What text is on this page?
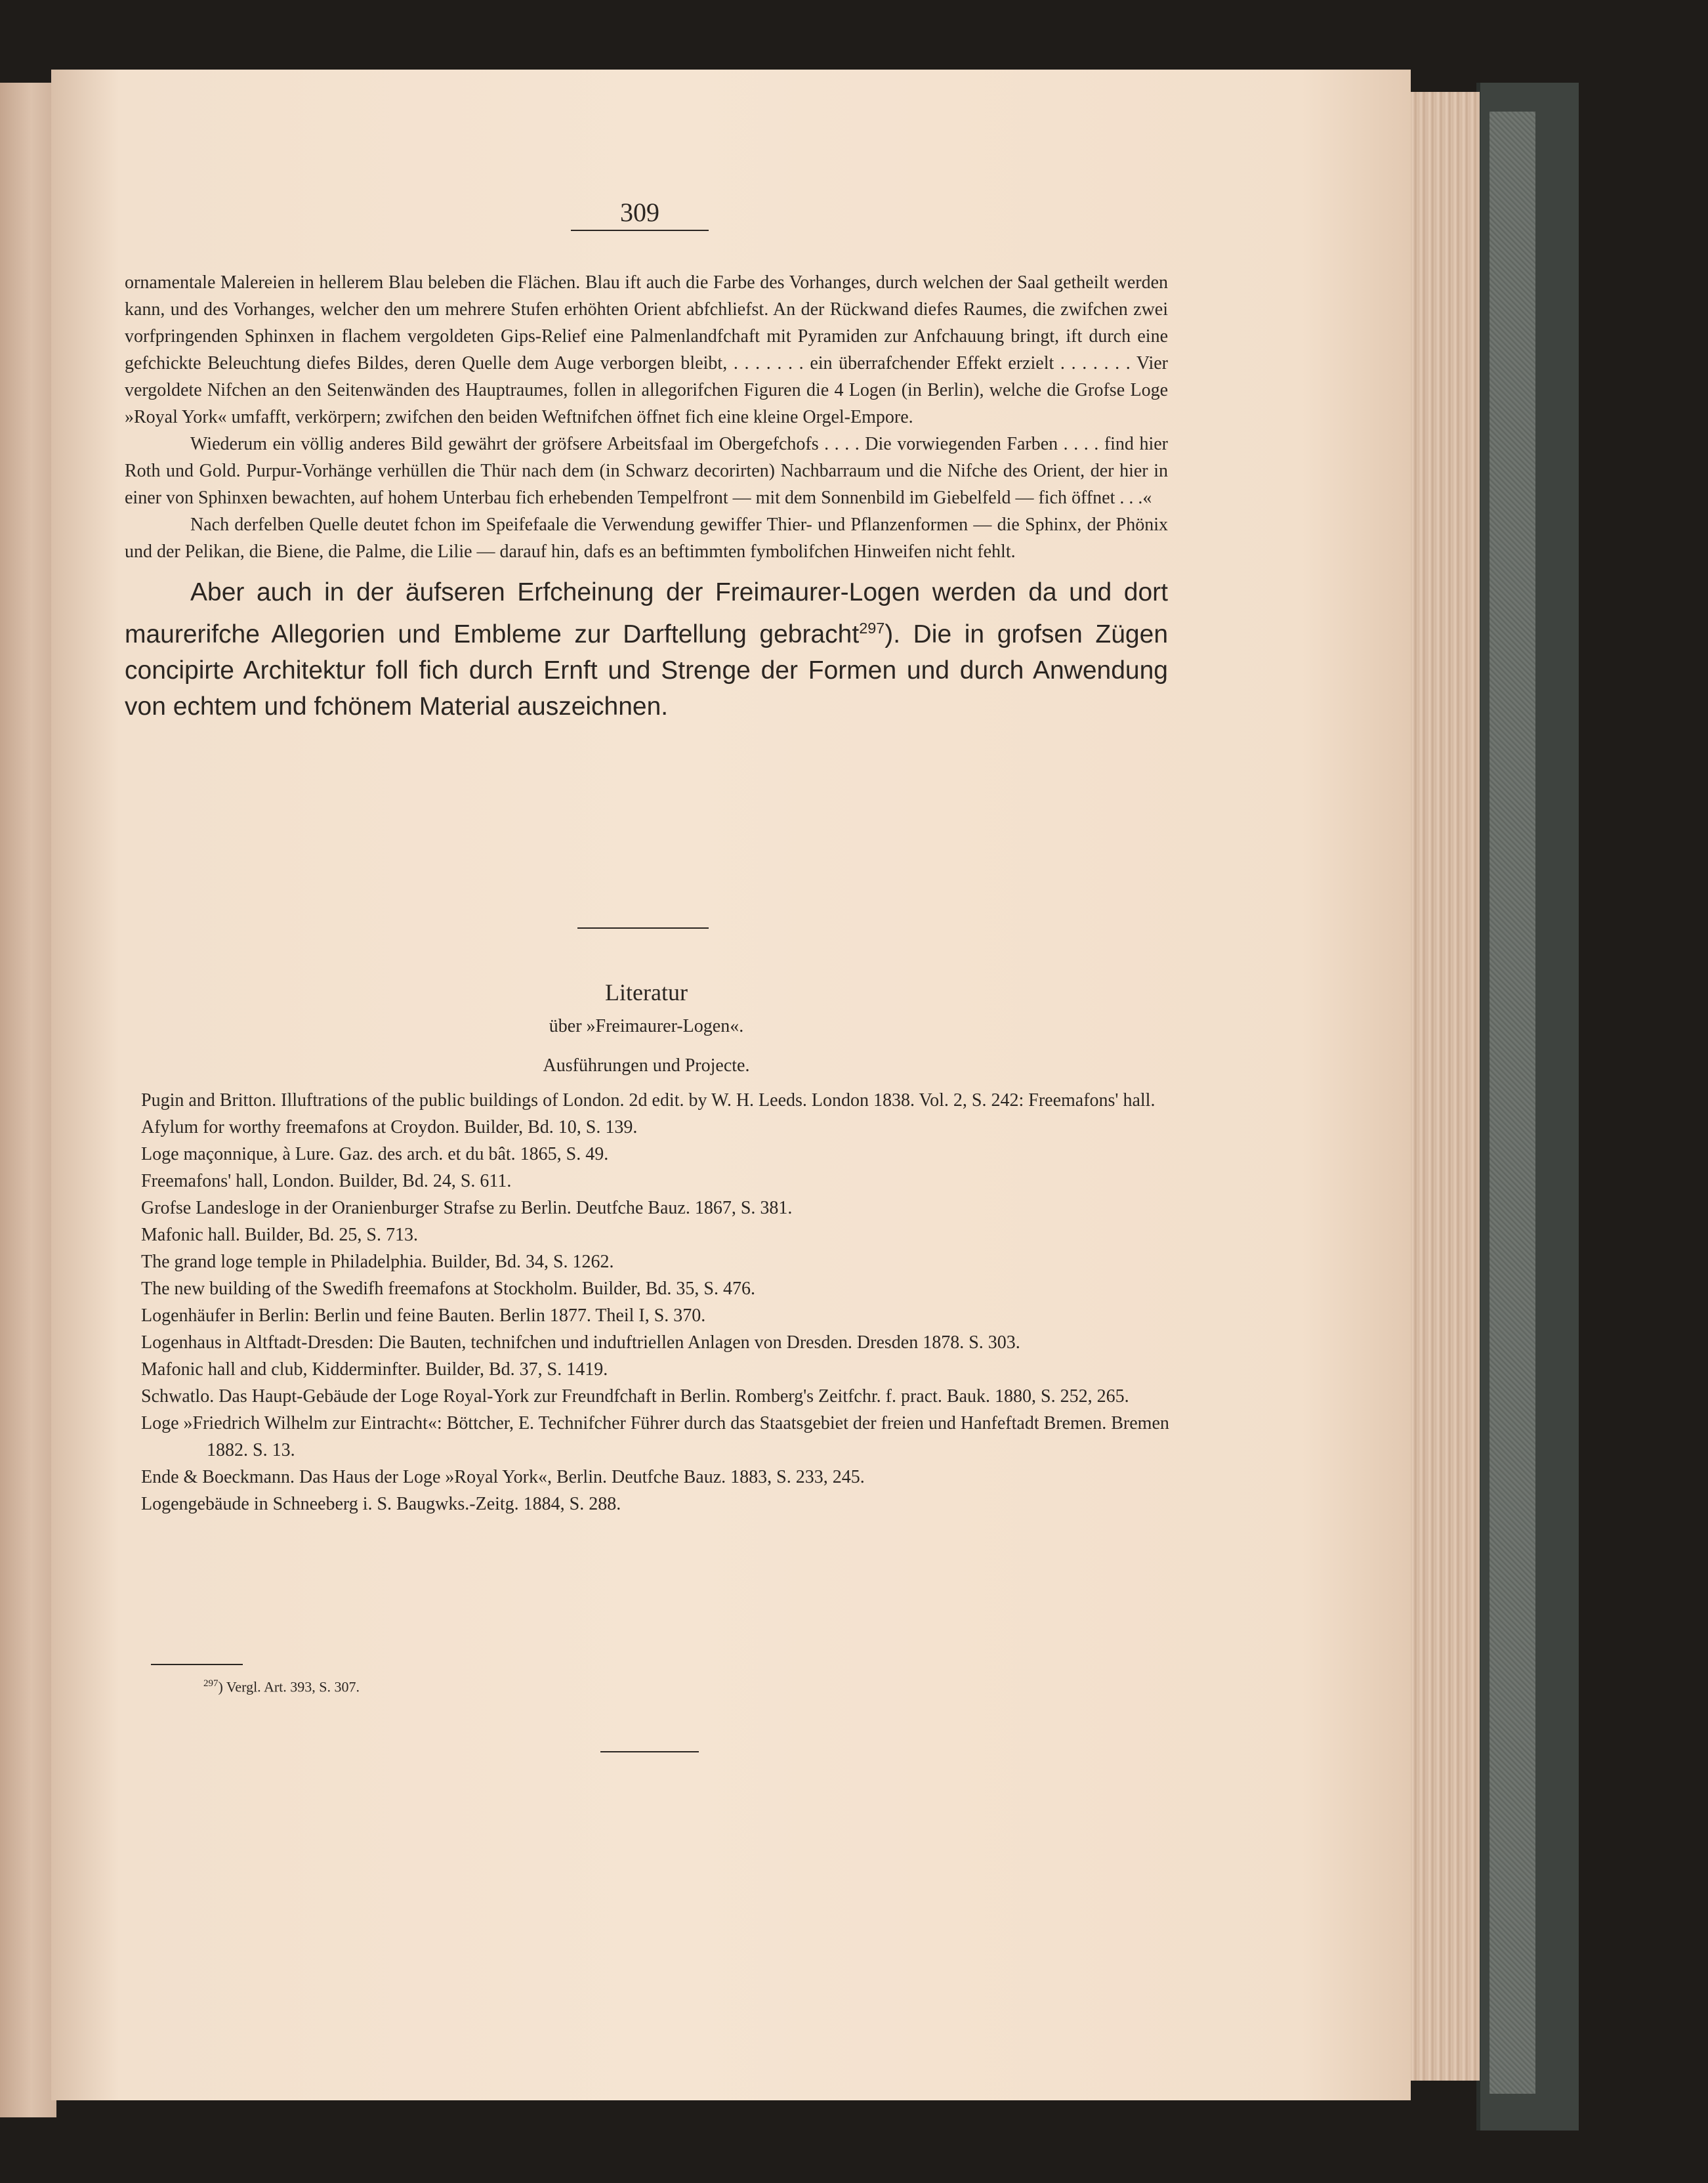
309

ornamentale Malereien in hellerem Blau beleben die Flächen. Blau ift auch die Farbe des Vorhanges, durch welchen der Saal getheilt werden kann, und des Vorhanges, welcher den um mehrere Stufen erhöhten Orient abfchliefst. An der Rückwand diefes Raumes, die zwifchen zwei vorfpringenden Sphinxen in flachem vergoldeten Gips-Relief eine Palmenlandfchaft mit Pyramiden zur Anfchauung bringt, ift durch eine gefchickte Beleuchtung diefes Bildes, deren Quelle dem Auge verborgen bleibt, . . . . . . . ein überrafchender Effekt erzielt . . . . . . . Vier vergoldete Nifchen an den Seitenwänden des Hauptraumes, follen in allegorifchen Figuren die 4 Logen (in Berlin), welche die Grofse Loge »Royal York« umfafft, verkörpern; zwifchen den beiden Weftnifchen öffnet fich eine kleine Orgel-Empore.

Wiederum ein völlig anderes Bild gewährt der gröfsere Arbeitsfaal im Obergefchofs . . . . Die vorwiegenden Farben . . . . find hier Roth und Gold. Purpur-Vorhänge verhüllen die Thür nach dem (in Schwarz decorirten) Nachbarraum und die Nifche des Orient, der hier in einer von Sphinxen bewachten, auf hohem Unterbau fich erhebenden Tempelfront — mit dem Sonnenbild im Giebelfeld — fich öffnet . . .«

Nach derfelben Quelle deutet fchon im Speifefaale die Verwendung gewiffer Thier- und Pflanzenformen — die Sphinx, der Phönix und der Pelikan, die Biene, die Palme, die Lilie — darauf hin, dafs es an beftimmten fymbolifchen Hinweifen nicht fehlt.

Aber auch in der äufseren Erfcheinung der Freimaurer-Logen werden da und dort maurerifche Allegorien und Embleme zur Darftellung gebracht$^{297}$). Die in grofsen Zügen concipirte Architektur foll fich durch Ernft und Strenge der Formen und durch Anwendung von echtem und fchönem Material auszeichnen.

Literatur
über »Freimaurer-Logen«.
Ausführungen und Projecte.
Pugin and Britton. Illuftrations of the public buildings of London. 2d edit. by W. H. Leeds. London 1838. Vol. 2, S. 242: Freemafons' hall.
Afylum for worthy freemafons at Croydon. Builder, Bd. 10, S. 139.
Loge maçonnique, à Lure. Gaz. des arch. et du bât. 1865, S. 49.
Freemafons' hall, London. Builder, Bd. 24, S. 611.
Grofse Landesloge in der Oranienburger Strafse zu Berlin. Deutfche Bauz. 1867, S. 381.
Mafonic hall. Builder, Bd. 25, S. 713.
The grand loge temple in Philadelphia. Builder, Bd. 34, S. 1262.
The new building of the Swedifh freemafons at Stockholm. Builder, Bd. 35, S. 476.
Logenhäufer in Berlin: Berlin und feine Bauten. Berlin 1877. Theil I, S. 370.
Logenhaus in Altftadt-Dresden: Die Bauten, technifchen und induftriellen Anlagen von Dresden. Dresden 1878. S. 303.
Mafonic hall and club, Kidderminfter. Builder, Bd. 37, S. 1419.
Schwatlo. Das Haupt-Gebäude der Loge Royal-York zur Freundfchaft in Berlin. Romberg's Zeitfchr. f. pract. Bauk. 1880, S. 252, 265.
Loge »Friedrich Wilhelm zur Eintracht«: Böttcher, E. Technifcher Führer durch das Staatsgebiet der freien und Hanfeftadt Bremen. Bremen 1882. S. 13.
Ende & Boeckmann. Das Haus der Loge »Royal York«, Berlin. Deutfche Bauz. 1883, S. 233, 245.
Logengebäude in Schneeberg i. S. Baugwks.-Zeitg. 1884, S. 288.
$^{297}$) Vergl. Art. 393, S. 307.
